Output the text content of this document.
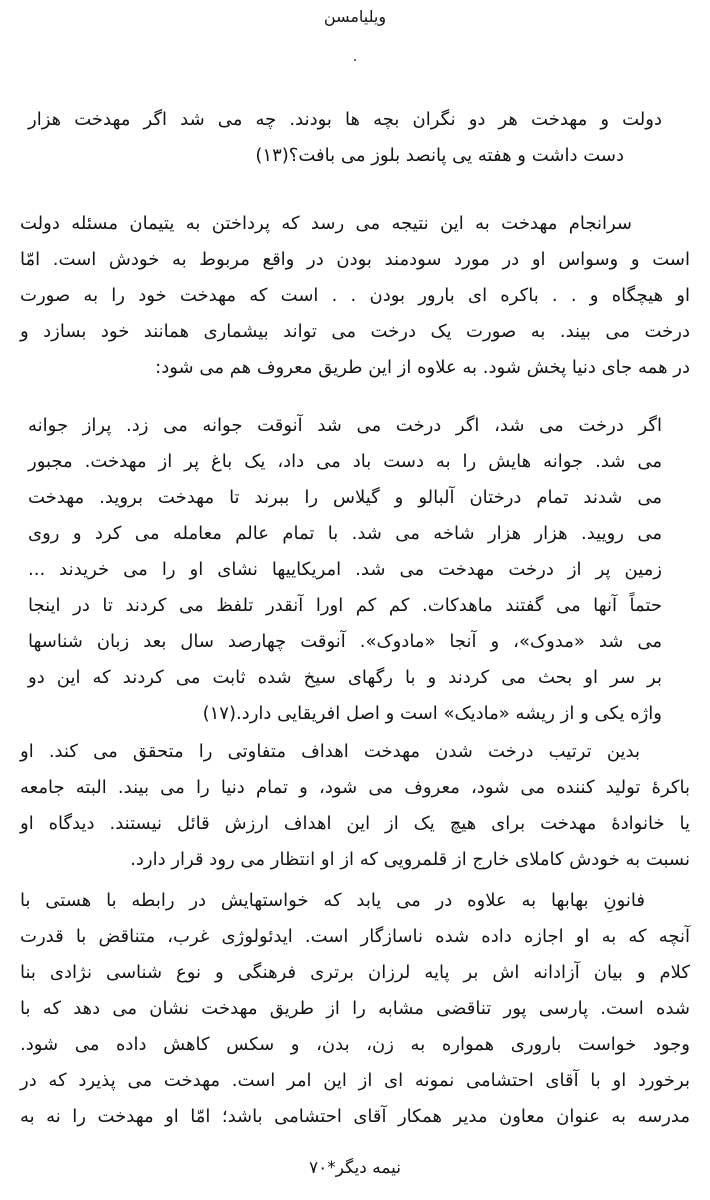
ويليامسن
.
دولت و مهدخت هر دو نگران بچه ها بودند. چه می شد اگر مهدخت هزار
دست داشت و هفته یی پانصد بلوز می بافت؟(۱۳)
سرانجام مهدخت به این نتیجه می رسد که پرداختن به یتیمان مسئله دولت
است و وسواس او در مورد سودمند بودن در واقع مربوط به خودش است. امّا
او هیچگاه و . . باکره ای بارور بودن . . است که مهدخت خود را به صورت
درخت می بیند. به صورت یک درخت می تواند بیشماری همانند خود بسازد و
در همه جای دنیا پخش شود. به علاوه از این طریق معروف هم می شود:
اگر درخت می شد، اگر درخت می شد آنوقت جوانه می زد. پراز جوانه
می شد. جوانه هایش را به دست باد می داد، یک باغ پر از مهدخت. مجبور
می شدند تمام درختان آلبالو و گیلاس را ببرند تا مهدخت بروید. مهدخت
می رویید. هزار هزار شاخه می شد. با تمام عالم معامله می کرد و روی
زمین پر از درخت مهدخت می شد. امریکاییها نشای او را می خریدند ...
حتماً آنها می گفتند ماهدکات. کم کم اورا آنقدر تلفظ می کردند تا در اینجا
می شد «مدوک»، و آنجا «مادوک». آنوقت چهارصد سال بعد زبان شناسها
بر سر او بحث می کردند و با رگهای سیخ شده ثابت می کردند که این دو
واژه یکی و از ریشه «مادیک» است و اصل افریقایی دارد.(۱۷)
بدین ترتیب درخت شدن مهدخت اهداف متفاوتی را متحقق می کند. او
باکرهٔ تولید کننده می شود، معروف می شود، و تمام دنیا را می بیند. البته جامعه
یا خانوادهٔ مهدخت برای هیچ یک از این اهداف ارزش قائل نیستند. دیدگاه او
نسبت به خودش کاملای خارج از قلمرویی که از او انتظار می رود قرار دارد.
فانونِ بهابها به علاوه در می یابد که خواستهایش در رابطه با هستی با
آنچه که به او اجازه داده شده ناسازگار است. ایدئولوژی غرب، متناقض با قدرت
کلام و بیان آزادانه اش بر پایه لرزان برتری فرهنگی و نوع شناسی نژادی بنا
شده است. پارسی پور تناقضی مشابه را از طریق مهدخت نشان می دهد که با
وجود خواست باروری همواره به زن، بدن، و سکس کاهش داده می شود.
برخورد او با آقای احتشامی نمونه ای از این امر است. مهدخت می پذیرد که در
مدرسه به عنوان معاون مدیر همکار آقای احتشامی باشد؛ امّا او مهدخت را نه به
نیمه دیگر*۷۰
